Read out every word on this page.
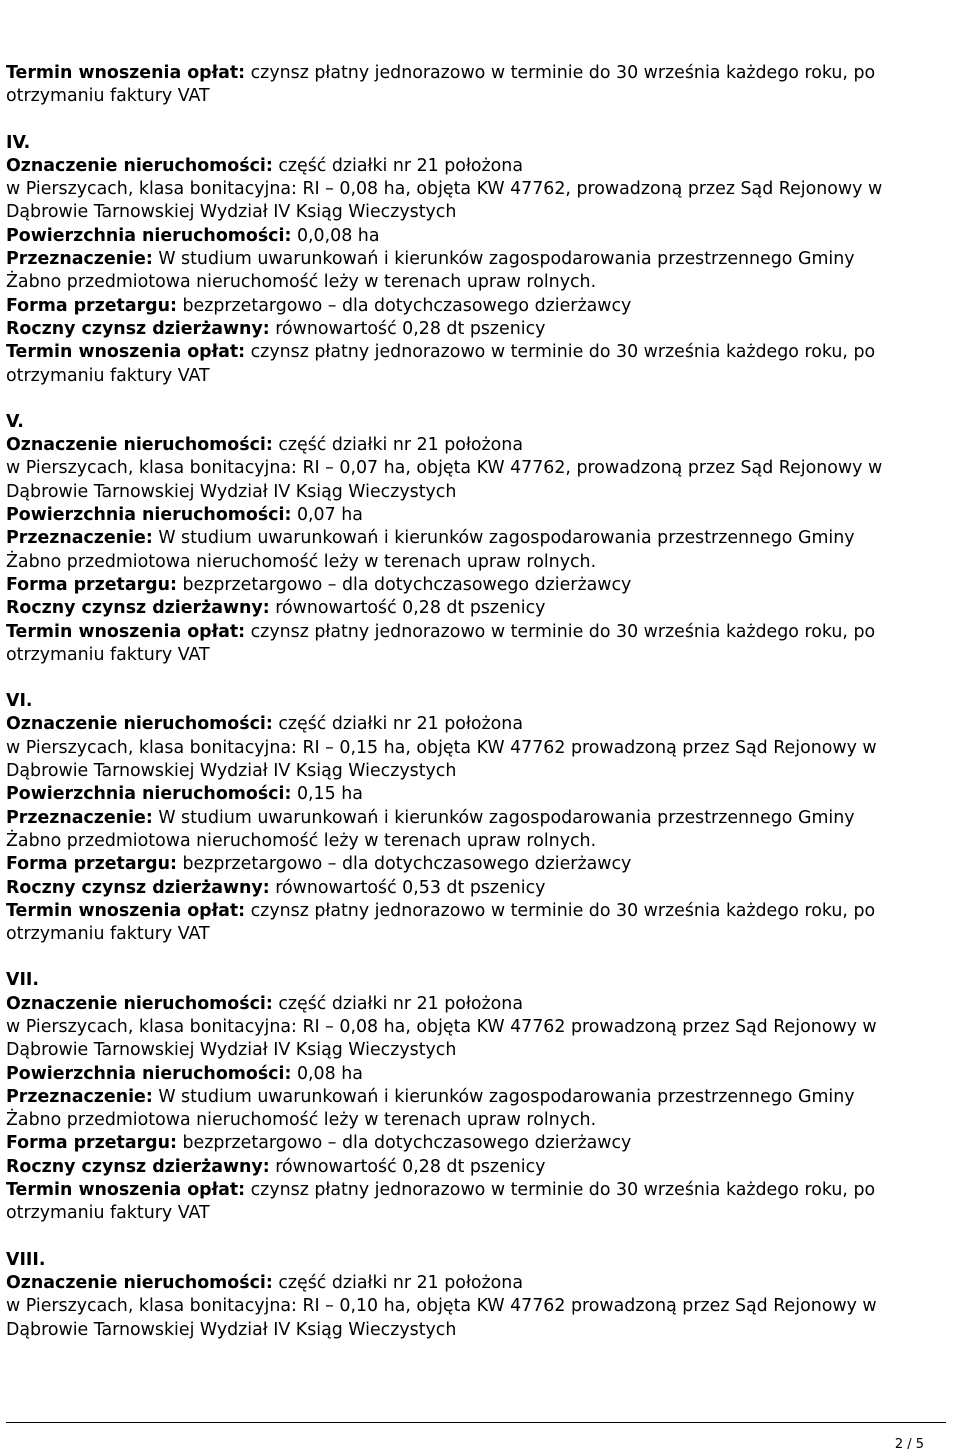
Termin wnoszenia opłat: czynsz płatny jednorazowo w terminie do 30 września każdego roku, po
otrzymaniu faktury VAT
IV.
Oznaczenie nieruchomości: część działki nr 21 położona
w Pierszycach, klasa bonitacyjna: RI – 0,08 ha, objęta KW 47762, prowadzoną przez Sąd Rejonowy w
Dąbrowie Tarnowskiej Wydział IV Ksiąg Wieczystych
Powierzchnia nieruchomości: 0,0,08 ha
Przeznaczenie: W studium uwarunkowań i kierunków zagospodarowania przestrzennego Gminy
Żabno przedmiotowa nieruchomość leży w terenach upraw rolnych.
Forma przetargu: bezprzetargowo – dla dotychczasowego dzierżawcy
Roczny czynsz dzierżawny: równowartość 0,28 dt pszenicy
Termin wnoszenia opłat: czynsz płatny jednorazowo w terminie do 30 września każdego roku, po
otrzymaniu faktury VAT
V.
Oznaczenie nieruchomości: część działki nr 21 położona
w Pierszycach, klasa bonitacyjna: RI – 0,07 ha, objęta KW 47762, prowadzoną przez Sąd Rejonowy w
Dąbrowie Tarnowskiej Wydział IV Ksiąg Wieczystych
Powierzchnia nieruchomości: 0,07 ha
Przeznaczenie: W studium uwarunkowań i kierunków zagospodarowania przestrzennego Gminy
Żabno przedmiotowa nieruchomość leży w terenach upraw rolnych.
Forma przetargu: bezprzetargowo – dla dotychczasowego dzierżawcy
Roczny czynsz dzierżawny: równowartość 0,28 dt pszenicy
Termin wnoszenia opłat: czynsz płatny jednorazowo w terminie do 30 września każdego roku, po
otrzymaniu faktury VAT
VI.
Oznaczenie nieruchomości: część działki nr 21 położona
w Pierszycach, klasa bonitacyjna: RI – 0,15 ha, objęta KW 47762 prowadzoną przez Sąd Rejonowy w
Dąbrowie Tarnowskiej Wydział IV Ksiąg Wieczystych
Powierzchnia nieruchomości: 0,15 ha
Przeznaczenie: W studium uwarunkowań i kierunków zagospodarowania przestrzennego Gminy
Żabno przedmiotowa nieruchomość leży w terenach upraw rolnych.
Forma przetargu: bezprzetargowo – dla dotychczasowego dzierżawcy
Roczny czynsz dzierżawny: równowartość 0,53 dt pszenicy
Termin wnoszenia opłat: czynsz płatny jednorazowo w terminie do 30 września każdego roku, po
otrzymaniu faktury VAT
VII.
Oznaczenie nieruchomości: część działki nr 21 położona
w Pierszycach, klasa bonitacyjna: RI – 0,08 ha, objęta KW 47762 prowadzoną przez Sąd Rejonowy w
Dąbrowie Tarnowskiej Wydział IV Ksiąg Wieczystych
Powierzchnia nieruchomości: 0,08 ha
Przeznaczenie: W studium uwarunkowań i kierunków zagospodarowania przestrzennego Gminy
Żabno przedmiotowa nieruchomość leży w terenach upraw rolnych.
Forma przetargu: bezprzetargowo – dla dotychczasowego dzierżawcy
Roczny czynsz dzierżawny: równowartość 0,28 dt pszenicy
Termin wnoszenia opłat: czynsz płatny jednorazowo w terminie do 30 września każdego roku, po
otrzymaniu faktury VAT
VIII.
Oznaczenie nieruchomości: część działki nr 21 położona
w Pierszycach, klasa bonitacyjna: RI – 0,10 ha, objęta KW 47762 prowadzoną przez Sąd Rejonowy w
Dąbrowie Tarnowskiej Wydział IV Ksiąg Wieczystych
2 / 5
